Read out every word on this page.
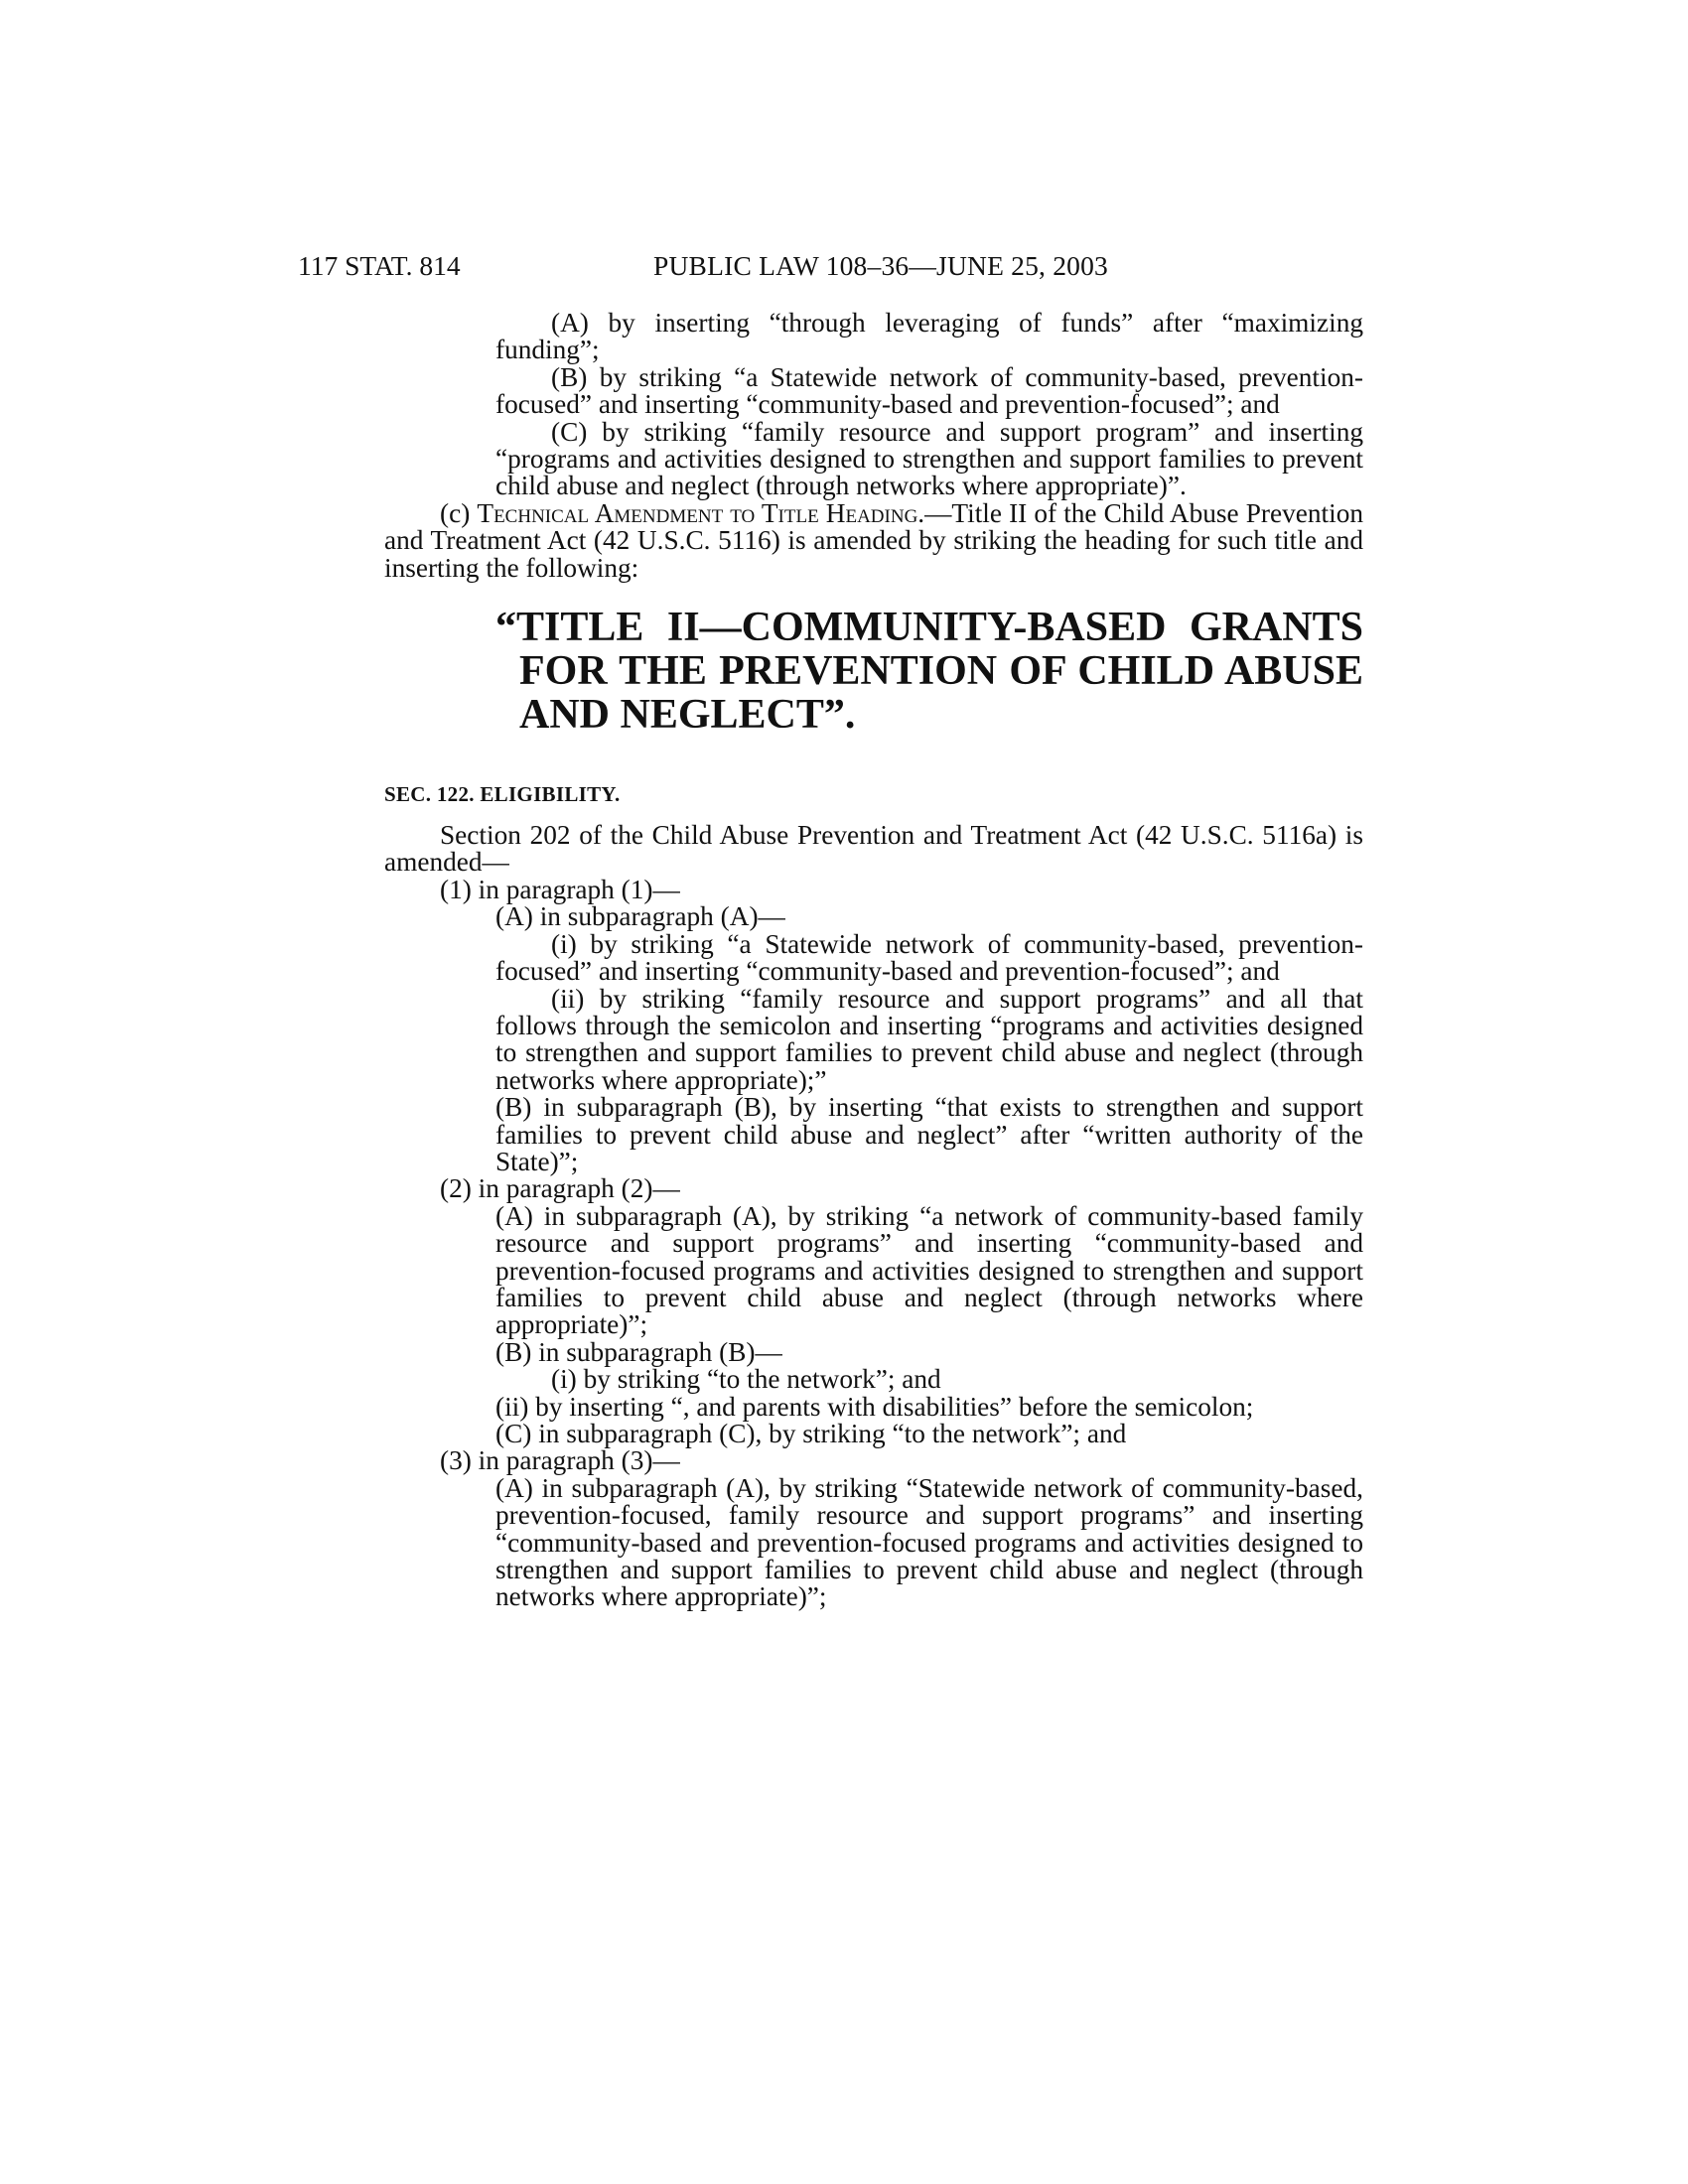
117 STAT. 814	PUBLIC LAW 108–36—JUNE 25, 2003

(A) by inserting “through leveraging of funds” after “maximizing funding”;

(B) by striking “a Statewide network of community-based, prevention-focused” and inserting “community-based and prevention-focused”; and

(C) by striking “family resource and support program” and inserting “programs and activities designed to strengthen and support families to prevent child abuse and neglect (through networks where appropriate)”.

(c) Technical Amendment to Title Heading.—Title II of the Child Abuse Prevention and Treatment Act (42 U.S.C. 5116) is amended by striking the heading for such title and inserting the following:

“TITLE II—COMMUNITY-BASED GRANTS FOR THE PREVENTION OF CHILD ABUSE AND NEGLECT”.
SEC. 122. ELIGIBILITY.

Section 202 of the Child Abuse Prevention and Treatment Act (42 U.S.C. 5116a) is amended—

(1) in paragraph (1)—

(A) in subparagraph (A)—

(i) by striking “a Statewide network of community-based, prevention-focused” and inserting “community-based and prevention-focused”; and

(ii) by striking “family resource and support programs” and all that follows through the semicolon and inserting “programs and activities designed to strengthen and support families to prevent child abuse and neglect (through networks where appropriate);”

(B) in subparagraph (B), by inserting “that exists to strengthen and support families to prevent child abuse and neglect” after “written authority of the State)”;

(2) in paragraph (2)—

(A) in subparagraph (A), by striking “a network of community-based family resource and support programs” and inserting “community-based and prevention-focused programs and activities designed to strengthen and support families to prevent child abuse and neglect (through networks where appropriate)”;

(B) in subparagraph (B)—

(i) by striking “to the network”; and

(ii) by inserting “, and parents with disabilities” before the semicolon;

(C) in subparagraph (C), by striking “to the network”; and

(3) in paragraph (3)—

(A) in subparagraph (A), by striking “Statewide network of community-based, prevention-focused, family resource and support programs” and inserting “community-based and prevention-focused programs and activities designed to strengthen and support families to prevent child abuse and neglect (through networks where appropriate)”;
